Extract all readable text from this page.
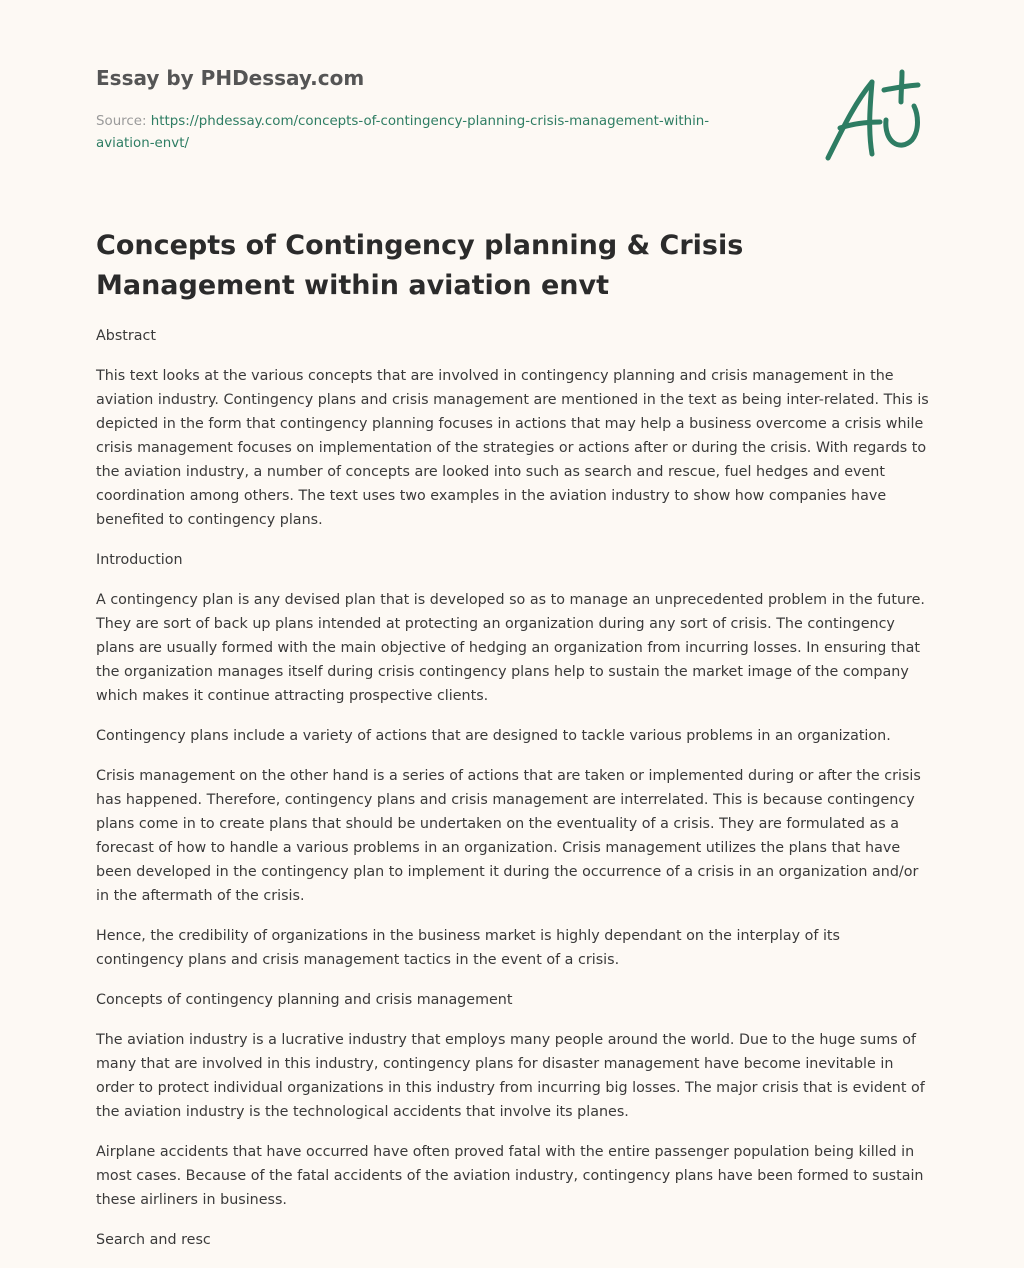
Essay by PHDessay.com

Source: https://phdessay.com/concepts-of-contingency-planning-crisis-management-within-aviation-envt/
Concepts of Contingency planning & Crisis Management within aviation envt

Abstract

This text looks at the various concepts that are involved in contingency planning and crisis management in the aviation industry. Contingency plans and crisis management are mentioned in the text as being inter-related. This is depicted in the form that contingency planning focuses in actions that may help a business overcome a crisis while crisis management focuses on implementation of the strategies or actions after or during the crisis. With regards to the aviation industry, a number of concepts are looked into such as search and rescue, fuel hedges and event coordination among others. The text uses two examples in the aviation industry to show how companies have benefited to contingency plans.

Introduction

A contingency plan is any devised plan that is developed so as to manage an unprecedented problem in the future. They are sort of back up plans intended at protecting an organization during any sort of crisis. The contingency plans are usually formed with the main objective of hedging an organization from incurring losses. In ensuring that the organization manages itself during crisis contingency plans help to sustain the market image of the company which makes it continue attracting prospective clients.

Contingency plans include a variety of actions that are designed to tackle various problems in an organization.

Crisis management on the other hand is a series of actions that are taken or implemented during or after the crisis has happened. Therefore, contingency plans and crisis management are interrelated. This is because contingency plans come in to create plans that should be undertaken on the eventuality of a crisis. They are formulated as a forecast of how to handle a various problems in an organization. Crisis management utilizes the plans that have been developed in the contingency plan to implement it during the occurrence of a crisis in an organization and/or in the aftermath of the crisis.

Hence, the credibility of organizations in the business market is highly dependant on the interplay of its contingency plans and crisis management tactics in the event of a crisis.

Concepts of contingency planning and crisis management

The aviation industry is a lucrative industry that employs many people around the world. Due to the huge sums of many that are involved in this industry, contingency plans for disaster management have become inevitable in order to protect individual organizations in this industry from incurring big losses. The major crisis that is evident of the aviation industry is the technological accidents that involve its planes.

Airplane accidents that have occurred have often proved fatal with the entire passenger population being killed in most cases. Because of the fatal accidents of the aviation industry, contingency plans have been formed to sustain these airliners in business.

Search and resc
